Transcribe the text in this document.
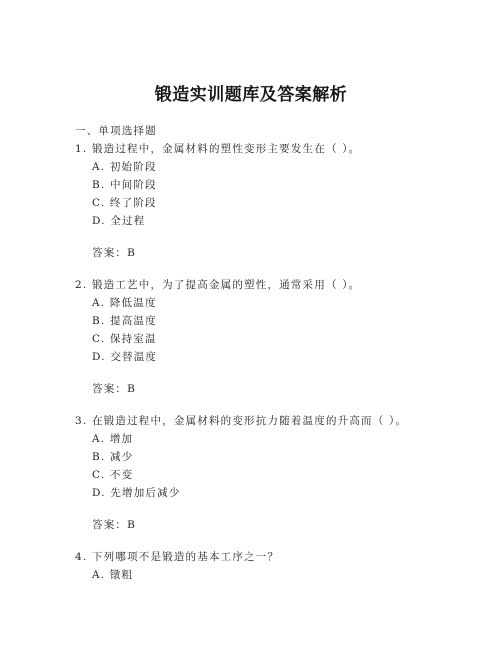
锻造实训题库及答案解析
一、单项选择题
1. 锻造过程中，金属材料的塑性变形主要发生在（ ）。
A. 初始阶段
B. 中间阶段
C. 终了阶段
D. 全过程
答案：B
2. 锻造工艺中，为了提高金属的塑性，通常采用（ ）。
A. 降低温度
B. 提高温度
C. 保持室温
D. 交替温度
答案：B
3. 在锻造过程中，金属材料的变形抗力随着温度的升高而（ ）。
A. 增加
B. 减少
C. 不变
D. 先增加后减少
答案：B
4. 下列哪项不是锻造的基本工序之一？
A. 镦粗
